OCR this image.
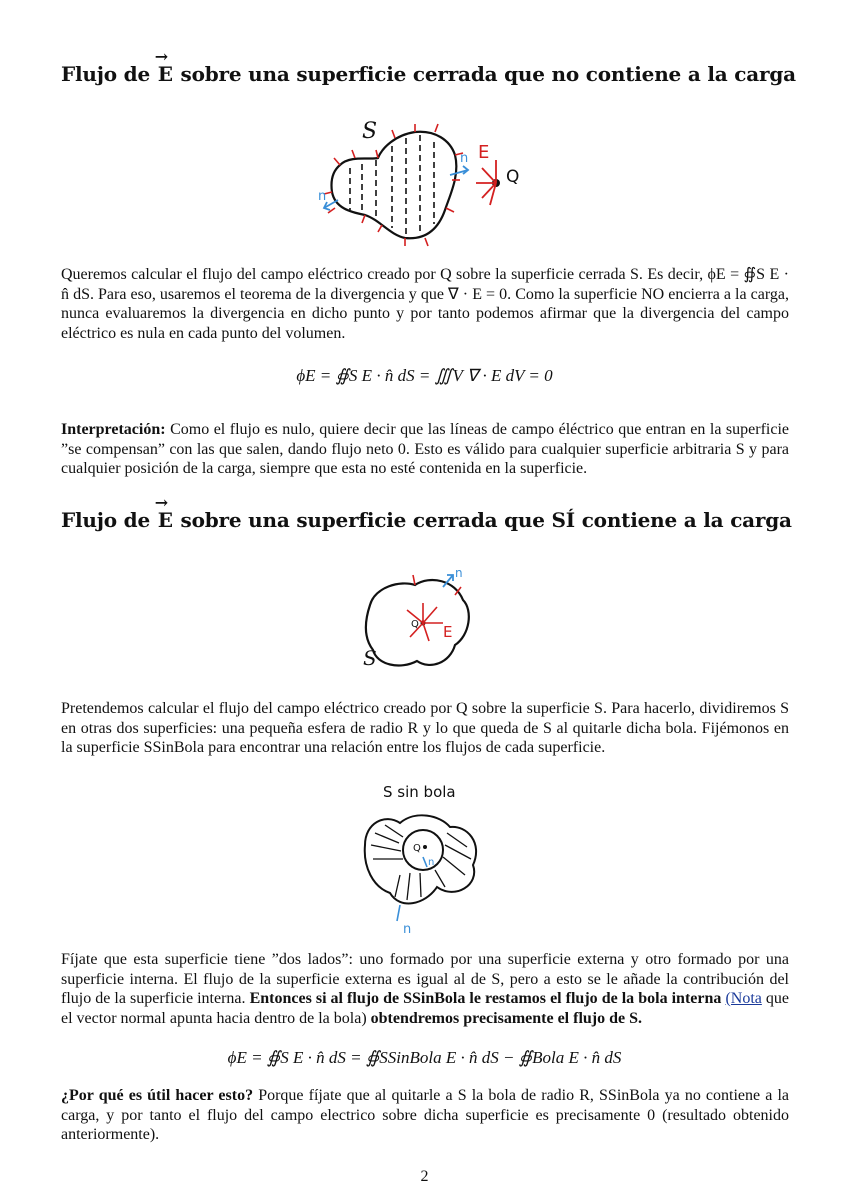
Flujo de
→
E sobre una superficie cerrada que no contiene a la carga
n
n
S
E
Q

Queremos calcular el flujo del campo eléctrico creado por Q sobre la superficie cerrada S. Es decir, ϕE = ∯S E · n̂ dS. Para eso, usaremos el teorema de la divergencia y que ∇ · E = 0. Como la superficie NO encierra a la carga, nunca evaluaremos la divergencia en dicho punto y por tanto podemos afirmar que la divergencia del campo eléctrico es nula en cada punto del volumen.

ϕE = ∯S E · n̂ dS = ∭V ∇ · E dV = 0

Interpretación: Como el flujo es nulo, quiere decir que las líneas de campo éléctrico que entran en la superficie ”se compensan” con las que salen, dando flujo neto 0. Esto es válido para cualquier superficie arbitraria S y para cualquier posición de la carga, siempre que esta no esté contenida en la superficie.

Flujo de
→
E sobre una superficie cerrada que SÍ contiene a la carga
n
Q E
S

Pretendemos calcular el flujo del campo eléctrico creado por Q sobre la superficie S. Para hacerlo, dividiremos S en otras dos superficies: una pequeña esfera de radio R y lo que queda de S al quitarle dicha bola. Fijémonos en la superficie SSinBola para encontrar una relación entre los flujos de cada superficie.

S sin bola
Q
n
n

Fíjate que esta superficie tiene ”dos lados”: uno formado por una superficie externa y otro formado por una superficie interna. El flujo de la superficie externa es igual al de S, pero a esto se le añade la contribución del flujo de la superficie interna. Entonces si al flujo de SSinBola le restamos el flujo de la bola interna (Nota que el vector normal apunta hacia dentro de la bola) obtendremos precisamente el flujo de S.

ϕE = ∯S E · n̂ dS = ∯SSinBola E · n̂ dS − ∯Bola E · n̂ dS

¿Por qué es útil hacer esto? Porque fíjate que al quitarle a S la bola de radio R, SSinBola ya no contiene a la carga, y por tanto el flujo del campo electrico sobre dicha superficie es precisamente 0 (resultado obtenido anteriormente).

2
